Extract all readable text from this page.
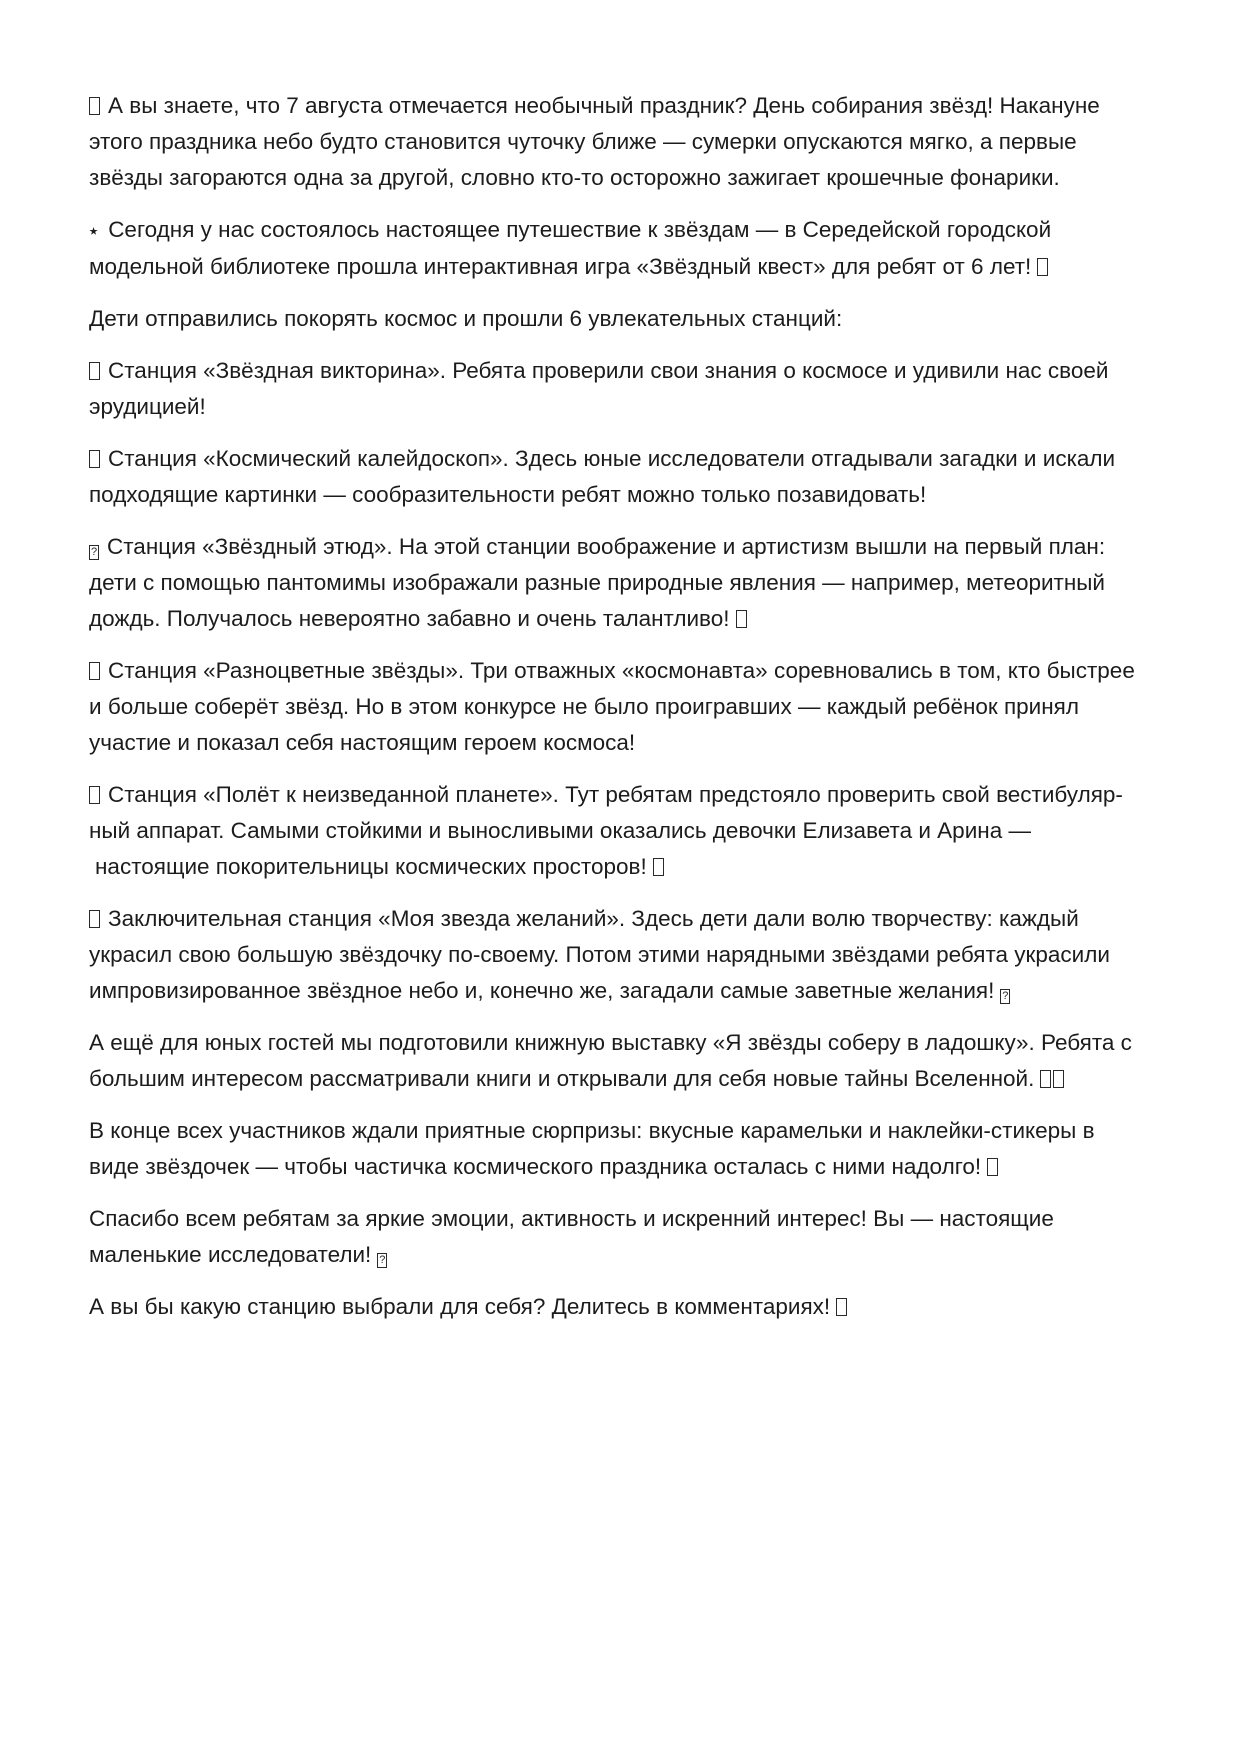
А вы знаете, что 7 августа отмечается необычный праздник? День собирания звёзд! Накануне
этого праздника небо будто становится чуточку ближе — сумерки опускаются мягко, а первые
звёзды загораются одна за другой, словно кто-то осторожно зажигает крошечные фонарики.

⭑ Сегодня у нас состоялось настоящее путешествие к звёздам — в Середейской городской
модельной библиотеке прошла интерактивная игра «Звёздный квест» для ребят от 6 лет!

Дети отправились покорять космос и прошли 6 увлекательных станций:

Станция «Звёздная викторина». Ребята проверили свои знания о космосе и удивили нас своей
эрудицией!

Станция «Космический калейдоскоп». Здесь юные исследователи отгадывали загадки и искали
подходящие картинки — сообразительности ребят можно только позавидовать!

?Станция «Звёздный этюд». На этой станции воображение и артистизм вышли на первый план:
дети с помощью пантомимы изображали разные природные явления — например, метеоритный
дождь. Получалось невероятно забавно и очень талантливо!

Станция «Разноцветные звёзды». Три отважных «космонавта» соревновались в том, кто быстрее
и больше соберёт звёзд. Но в этом конкурсе не было проигравших — каждый ребёнок принял
участие и показал себя настоящим героем космоса!

Станция «Полёт к неизведанной планете». Тут ребятам предстояло проверить свой вестибуляр-
ный аппарат. Самыми стойкими и выносливыми оказались девочки Елизавета и Арина —
настоящие покорительницы космических просторов!

Заключительная станция «Моя звезда желаний». Здесь дети дали волю творчеству: каждый
украсил свою большую звёздочку по-своему. Потом этими нарядными звёздами ребята украсили
импровизированное звёздное небо и, конечно же, загадали самые заветные желания!?

А ещё для юных гостей мы подготовили книжную выставку «Я звёзды соберу в ладошку». Ребята с
большим интересом рассматривали книги и открывали для себя новые тайны Вселенной.

В конце всех участников ждали приятные сюрпризы: вкусные карамельки и наклейки-стикеры в
виде звёздочек — чтобы частичка космического праздника осталась с ними надолго!

Спасибо всем ребятам за яркие эмоции, активность и искренний интерес! Вы — настоящие
маленькие исследователи!?

А вы бы какую станцию выбрали для себя? Делитесь в комментариях!
